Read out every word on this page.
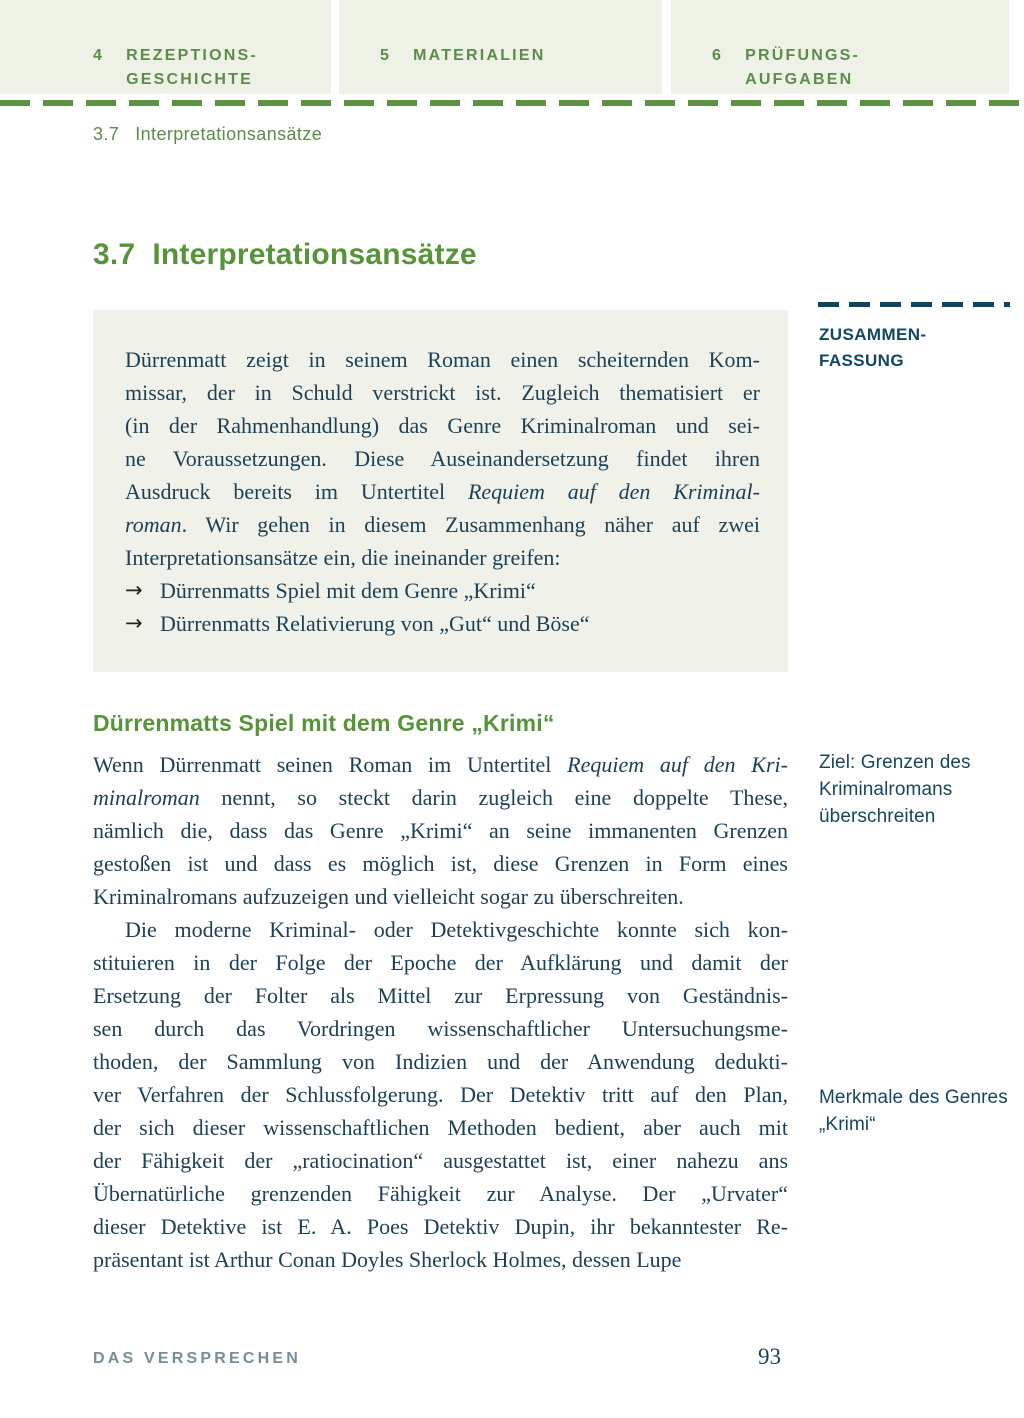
4 REZEPTIONS-
GESCHICHTE
5 MATERIALIEN	6 PRÜFUNGS-
AUFGABEN
3.7 Interpretationsansätze
3.7 Interpretationsansätze
Dürrenmatt zeigt in seinem Roman einen scheiternden Kom-
missar, der in Schuld verstrickt ist. Zugleich thematisiert er
(in der Rahmenhandlung) das Genre Kriminalroman und sei-
ne Voraussetzungen. Diese Auseinandersetzung findet ihren
Ausdruck bereits im Untertitel Requiem auf den Kriminal-
roman. Wir gehen in diesem Zusammenhang näher auf zwei
Interpretationsansätze ein, die ineinander greifen:
→ Dürrenmatts Spiel mit dem Genre „Krimi“
→ Dürrenmatts Relativierung von „Gut“ und Böse“
ZUSAMMEN-
FASSUNG
Dürrenmatts Spiel mit dem Genre „Krimi“
Wenn Dürrenmatt seinen Roman im Untertitel Requiem auf den Kri-
minalroman nennt, so steckt darin zugleich eine doppelte These,
nämlich die, dass das Genre „Krimi“ an seine immanenten Grenzen
gestoßen ist und dass es möglich ist, diese Grenzen in Form eines
Kriminalromans aufzuzeigen und vielleicht sogar zu überschreiten.
Die moderne Kriminal- oder Detektivgeschichte konnte sich kon-
stituieren in der Folge der Epoche der Aufklärung und damit der
Ersetzung der Folter als Mittel zur Erpressung von Geständnis-
sen durch das Vordringen wissenschaftlicher Untersuchungsme-
thoden, der Sammlung von Indizien und der Anwendung dedukti-
ver Verfahren der Schlussfolgerung. Der Detektiv tritt auf den Plan,
der sich dieser wissenschaftlichen Methoden bedient, aber auch mit
der Fähigkeit der „ratiocination“ ausgestattet ist, einer nahezu ans
Übernatürliche grenzenden Fähigkeit zur Analyse. Der „Urvater“
dieser Detektive ist E. A. Poes Detektiv Dupin, ihr bekanntester Re-
präsentant ist Arthur Conan Doyles Sherlock Holmes, dessen Lupe
Ziel: Grenzen des Kriminalromans überschreiten
Merkmale des Genres „Krimi“
DAS VERSPRECHEN	93
